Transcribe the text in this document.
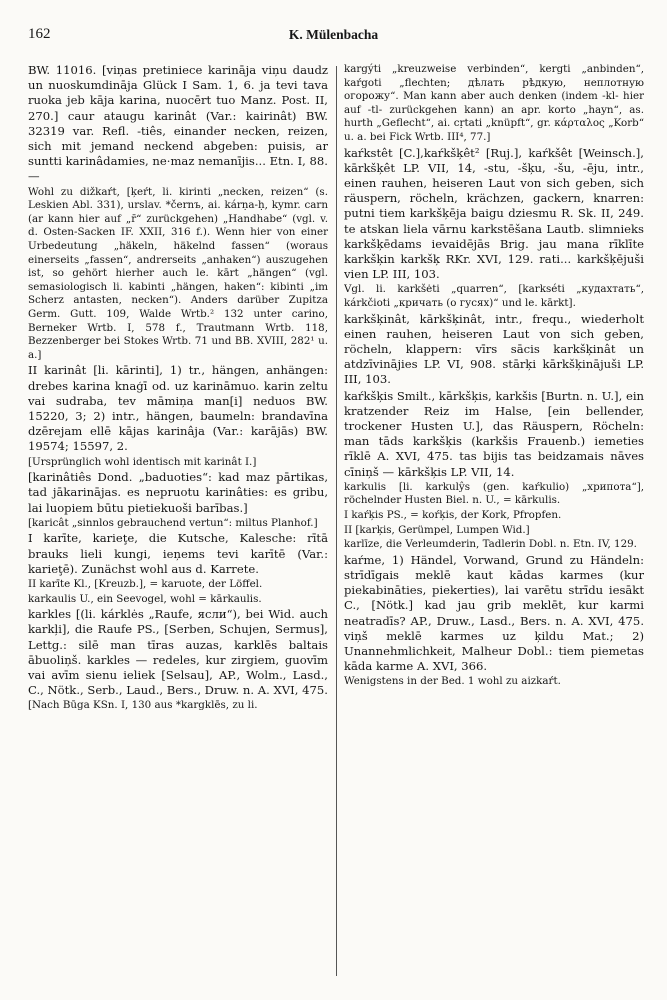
162	K. Mülenbacha

BW. 11016. [viņas pretiniece karināja viņu daudz un nuoskumdināja Glück I Sam. 1, 6. ja tevi tava ruoka jeb kāja karina, nuocērt tuo Manz. Post. II, 270.] caur ataugu karinât (Var.: kairinât) BW. 32319 var. Refl. -tiês, einander necken, reizen, sich mit jemand neckend abgeben: puisis, ar suntti karinâdamies, ne·maz nemanījis... Etn. I, 88. —

Wohl zu dižkaŕt, [ķeŕt, li. kirinti „necken, reizen“ (s. Leskien Abl. 331), urslav. *černъ, ai. kárṇa-ḥ, kymr. carn (ar kann hier auf „r̄“ zurückgehen) „Handhabe“ (vgl. v. d. Osten-Sacken IF. XXII, 316 f.). Wenn hier von einer Urbedeutung „häkeln, häkelnd fassen“ (woraus einerseits „fassen“, andrerseits „anhaken“) auszugehen ist, so gehört hierher auch le. kārt „hängen“ (vgl. semasiologisch li. kabinti „hängen, haken“: kibinti „im Scherz antasten, necken“). Anders darüber Zupitza Germ. Gutt. 109, Walde Wrtb.² 132 unter carino, Berneker Wrtb. I, 578 f., Trautmann Wrtb. 118, Bezzenberger bei Stokes Wrtb. 71 und BB. XVIII, 282¹ u. a.]

II karinât [li. kārinti], 1) tr., hängen, anhängen: drebes karina knaģī od. uz karināmuo. karin zeltu vai sudraba, tev māmiņa man[i] neduos BW. 15220, 3; 2) intr., hängen, baumeln: brandavīna dzērejam ellē kājas karinâja (Var.: karājās) BW. 19574; 15597, 2.

[Ursprünglich wohl identisch mit karinât I.]

[karinâtiês Dond. „baduoties“: kad maz pārtikas, tad jākarinājas. es nepruotu karinâties: es gribu, lai luopiem būtu pietiekuoši barības.]

[karicât „sinnlos gebrauchend vertun“: miltus Planhof.]

I karīte, karieţe, die Kutsche, Kalesche: rītā brauks lieli kungi, ieņems tevi karītē (Var.: karieţē). Zunächst wohl aus d. Karrete.

II karīte Kl., [Kreuzb.], = karuote, der Löffel.

karkaulis U., ein Seevogel, wohl = kārkaulis.

karkles [(li. kárklės „Raufe, ясли“), bei Wid. auch karkļi], die Raufe PS., [Serben, Schujen, Sermus], Lettg.: silē man tīras auzas, karklēs baltais ābuoliņš. karkles — redeles, kur zirgiem, guovīm vai avīm sienu ieliek [Selsau], AP., Wolm., Lasd., C., Nötk., Serb., Laud., Bers., Druw. n. A. XVI, 475.

[Nach Būga KSn. I, 130 aus *kargklēs, zu li.

kargýti „kreuzweise verbinden“, kergti „anbinden“, kaŕgoti „flechten; дѣлать рѣдкую, неплотную огорожу“. Man kann aber auch denken (indem -kl- hier auf -tl- zurückgehen kann) an apr. korto „hayn“, as. hurth „Geflecht“, ai. cṛtati „knüpft“, gr. κάρταλος „Korb“ u. a. bei Fick Wrtb. III⁴, 77.]

kaŕkstêt [C.],kaŕkšķêt² [Ruj.], kaŕkšêt [Weinsch.], kārkšķêt LP. VII, 14, -stu, -šķu, -šu, -ēju, intr., einen rauhen, heiseren Laut von sich geben, sich räuspern, röcheln, krächzen, gackern, knarren: putni tiem karkšķēja baigu dziesmu R. Sk. II, 249. te atskan liela vārnu karkstēšana Lautb. slimnieks karkšķēdams ievaidējās Brig. jau mana rīklīte karkšķin karkšķ RKr. XVI, 129. rati... karkšķējuši vien LP. III, 103.

Vgl. li. karkšėti „quarren“, [karkséti „кудахтать“, kárkčioti „кричать (о гусях)“ und le. kārkt].

karkšķinât, kārkšķinât, intr., frequ., wiederholt einen rauhen, heiseren Laut von sich geben, röcheln, klappern: vīrs sācis karkšķinât un atdzīvinājies LP. VI, 908. stārķi kārkšķinājuši LP. III, 103.

kaŕkšķis Smilt., kārkšķis, karkšis [Burtn. n. U.], ein kratzender Reiz im Halse, [ein bellender, trockener Husten U.], das Räuspern, Röcheln: man tāds karkšķis (karkšis Frauenb.) iemeties rīklē A. XVI, 475. tas bijis tas beidzamais nāves cīniņš — kārkšķis LP. VII, 14.

karkulis [li. karkulŷs (gen. kaŕkulio) „хрипота“], röchelnder Husten Biel. n. U., = kārkulis.

I kaŕķis PS., = koŕķis, der Kork, Pfropfen.

II [karķis, Gerümpel, Lumpen Wid.]

karlīze, die Verleumderin, Tadlerin Dobl. n. Etn. IV, 129.

kaŕme, 1) Händel, Vorwand, Grund zu Händeln: strīdīgais meklē kaut kādas karmes (kur piekabināties, piekerties), lai varētu strīdu iesākt C., [Nötk.] kad jau grib meklēt, kur karmi neatradīs? AP., Druw., Lasd., Bers. n. A. XVI, 475. viņš meklē karmes uz ķildu Mat.; 2) Unannehmlichkeit, Malheur Dobl.: tiem piemetas kāda karme A. XVI, 366.

Wenigstens in der Bed. 1 wohl zu aizkaŕt.
